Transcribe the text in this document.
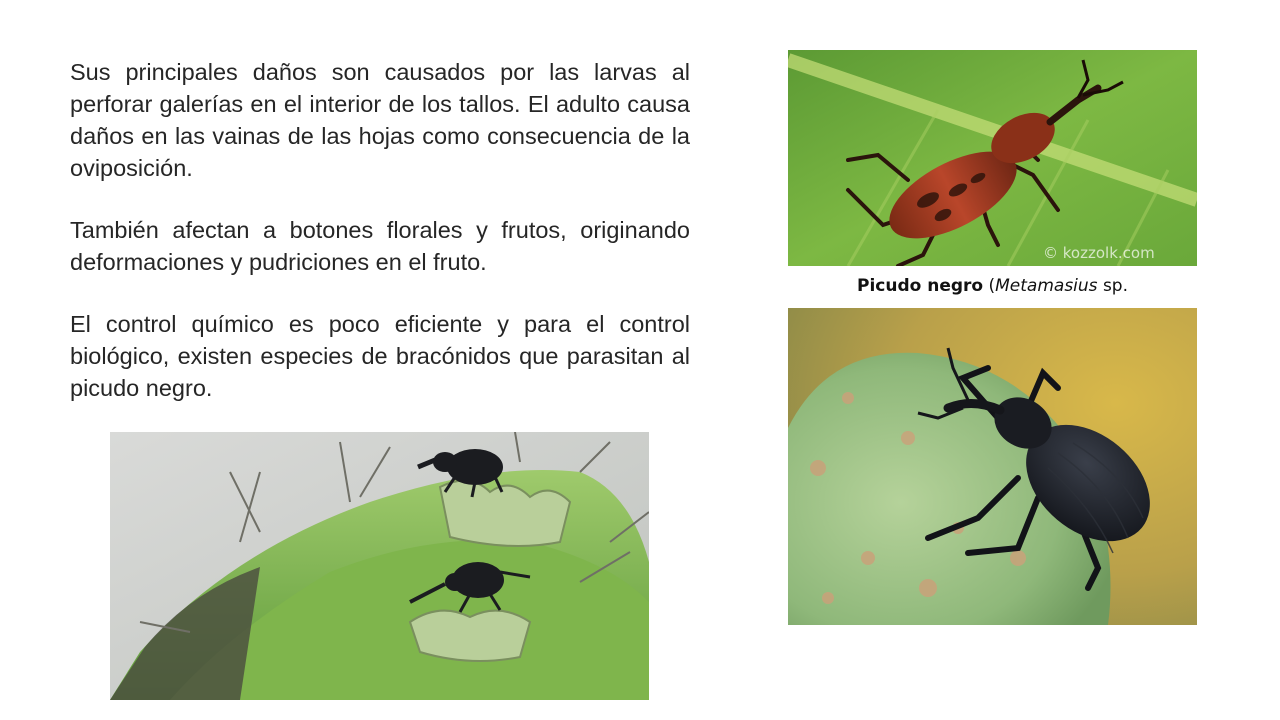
Sus principales daños son causados por las larvas al perforar galerías en el interior de los tallos. El adulto causa daños en las vainas de las hojas como consecuencia de la oviposición.

También afectan a botones florales y frutos, originando deformaciones y pudriciones en el fruto.

El control químico es poco eficiente y para el control biológico, existen especies de bracónidos que parasitan al picudo negro.

© kozzolk.com
Picudo negro (Metamasius sp.
